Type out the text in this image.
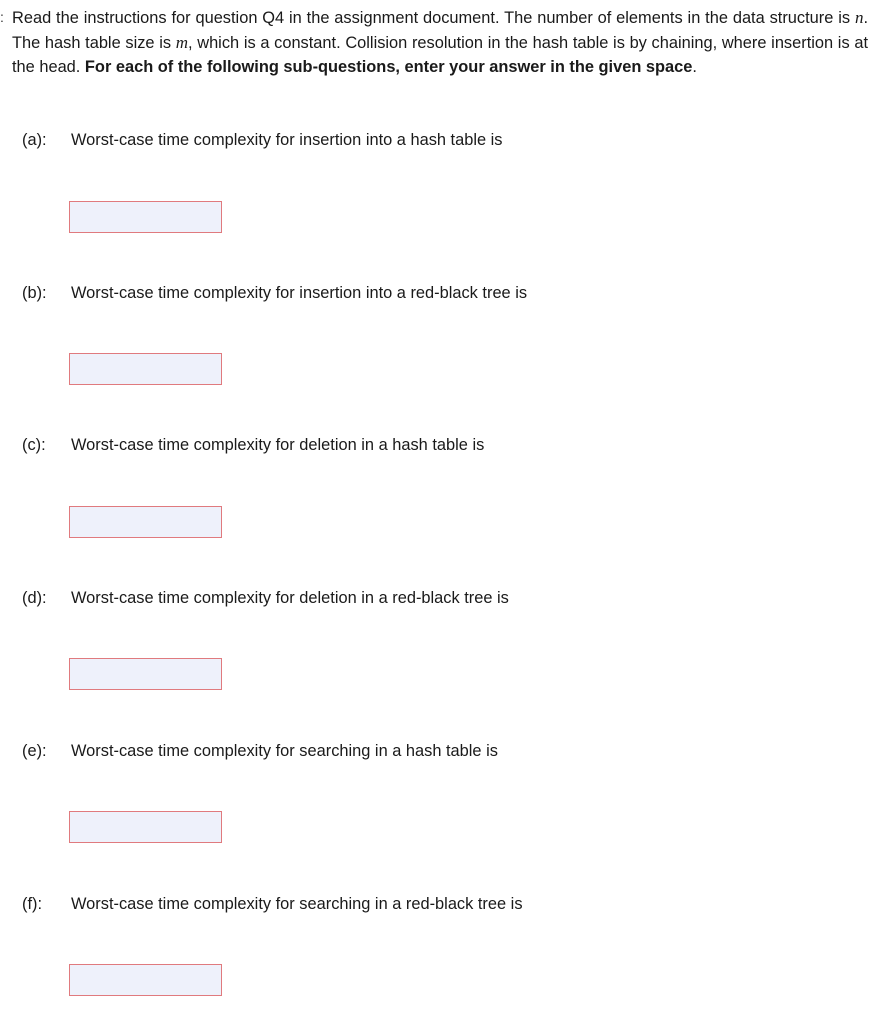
: Read the instructions for question Q4 in the assignment document. The number of elements in the data structure is n. The hash table size is m, which is a constant. Collision resolution in the hash table is by chaining, where insertion is at the head. For each of the following sub-questions, enter your answer in the given space.

(a): Worst-case time complexity for insertion into a hash table is
(b): Worst-case time complexity for insertion into a red-black tree is
(c): Worst-case time complexity for deletion in a hash table is
(d): Worst-case time complexity for deletion in a red-black tree is
(e): Worst-case time complexity for searching in a hash table is
(f): Worst-case time complexity for searching in a red-black tree is
